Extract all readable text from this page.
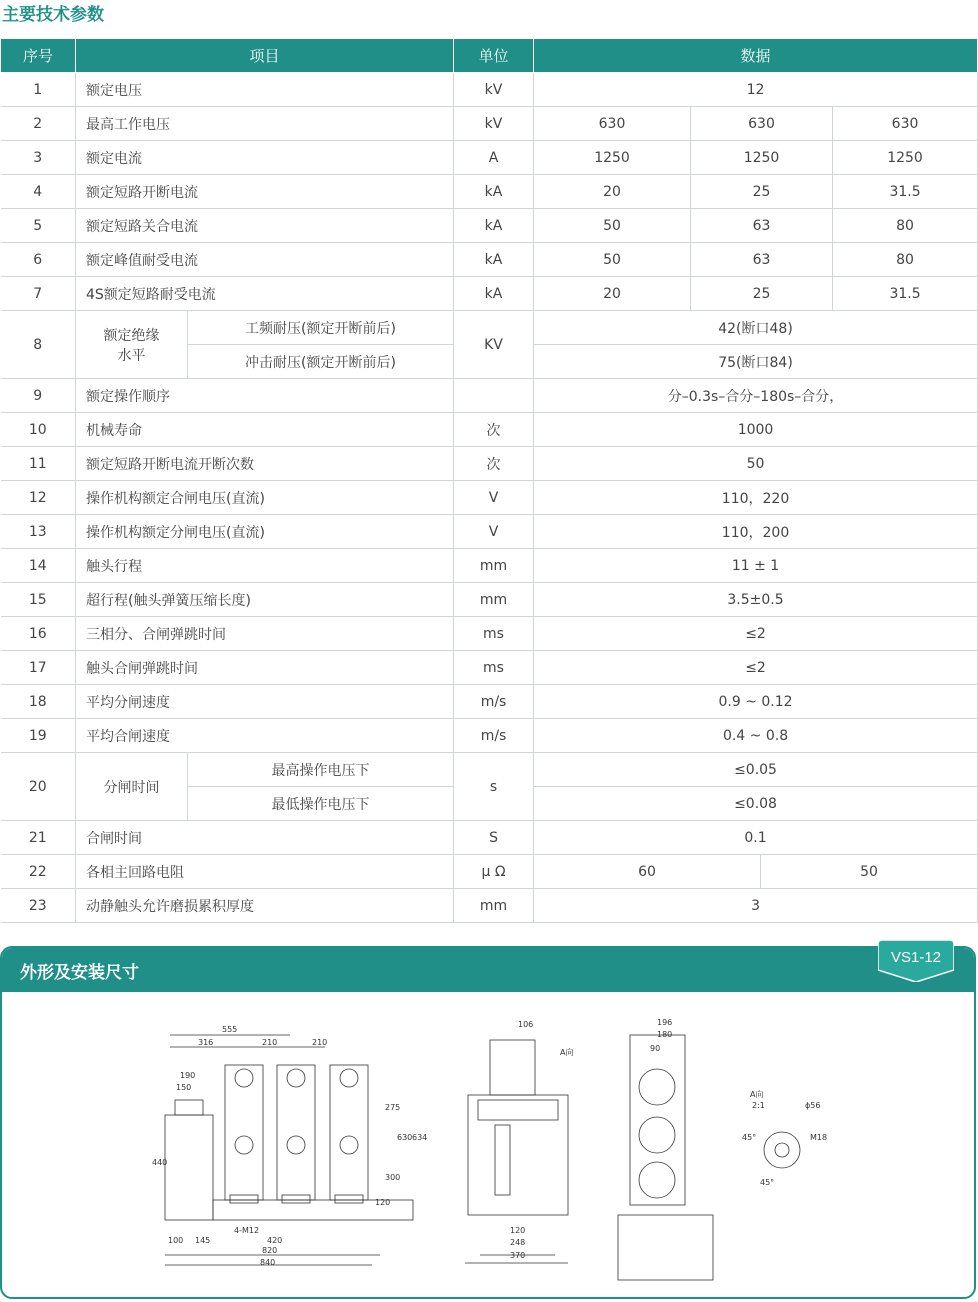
主要技术参数
序号	项目		单位	数据			
1	额定电压		kV	12			
2	最高工作电压		kV	630	630		630
3	额定电流		A	1250	1250		1250
4	额定短路开断电流		kA	20	25		31.5
5	额定短路关合电流		kA	50	63		80
6	额定峰值耐受电流		kA	50	63		80
7	4S额定短路耐受电流		kA	20	25		31.5
8	额定绝缘水平	工频耐压(额定开断前后)	KV	42(断口48)			
		冲击耐压(额定开断前后)		75(断口84)			
9	额定操作顺序			分–0.3s–合分–180s–合分，			
10	机械寿命		次	1000			
11	额定短路开断电流开断次数		次	50			
12	操作机构额定合闸电压(直流)		V	110，220			
13	操作机构额定分闸电压(直流)		V	110，200			
14	触头行程		mm	11 ± 1			
15	超行程(触头弹簧压缩长度)		mm	3.5±0.5			
16	三相分、合闸弹跳时间		ms	≤2			
17	触头合闸弹跳时间		ms	≤2			
18	平均分闸速度		m/s	0.9 ~ 0.12			
19	平均合闸速度		m/s	0.4 ~ 0.8			
20	分闸时间	最高操作电压下	s	≤0.05			
		最低操作电压下		≤0.08			
21	合闸时间		S	0.1			
22	各相主回路电阻		μ Ω	60		50	
23	动静触头允许磨损累积厚度		mm	3			
外形及安装尺寸
VS1-12
555
316	210	210
190
150
440
275
630 634
300
120
100 145
4-M12
420
820
840
106
A向
120
248
370
196
180
90
A向
2:1	ϕ56
M18
45°
45°
